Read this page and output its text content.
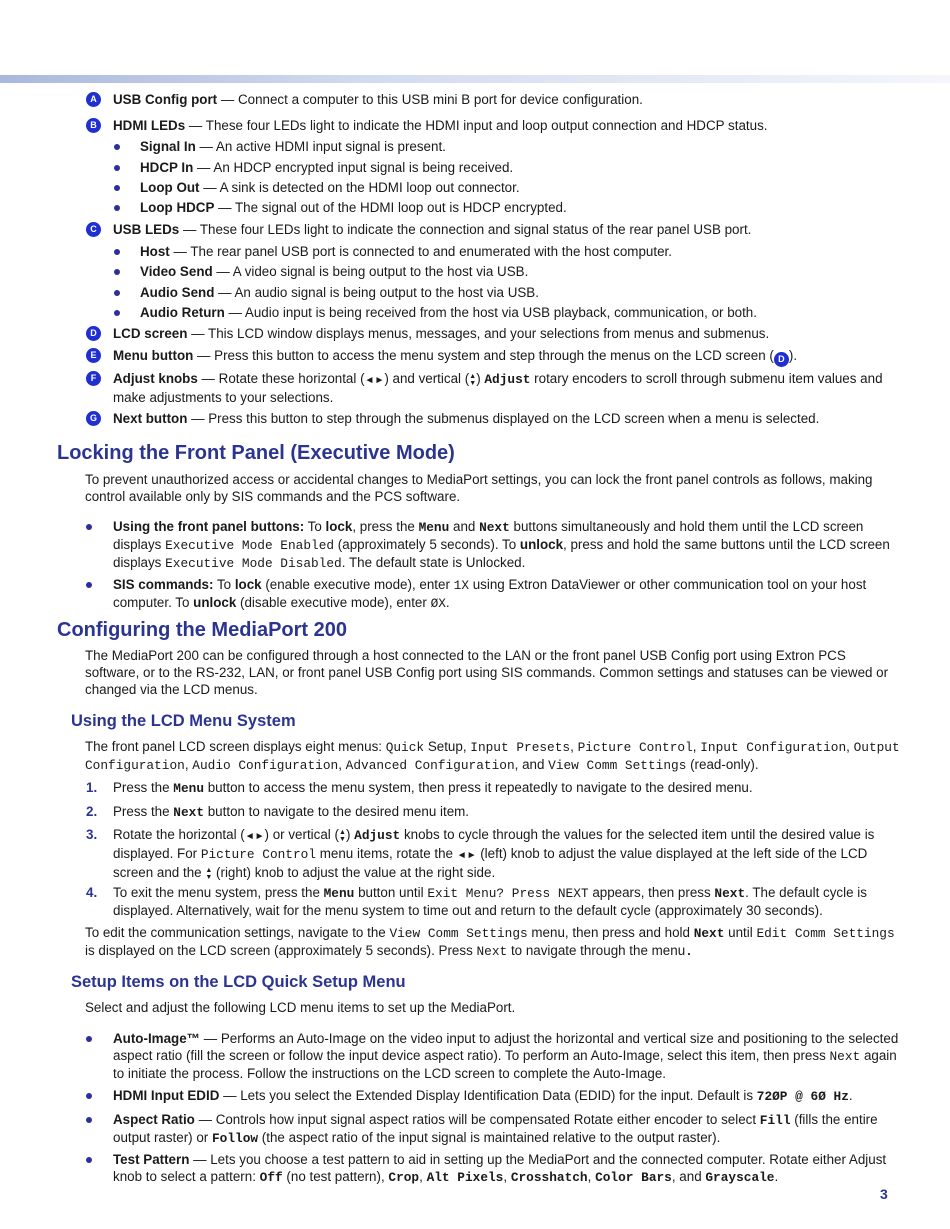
A	USB Config port — Connect a computer to this USB mini B port for device configuration.
B	HDMI LEDs — These four LEDs light to indicate the HDMI input and loop output connection and HDCP status.
Signal In — An active HDMI input signal is present.
HDCP In — An HDCP encrypted input signal is being received.
Loop Out — A sink is detected on the HDMI loop out connector.
Loop HDCP — The signal out of the HDMI loop out is HDCP encrypted.
C	USB LEDs — These four LEDs light to indicate the connection and signal status of the rear panel USB port.
Host — The rear panel USB port is connected to and enumerated with the host computer.
Video Send — A video signal is being output to the host via USB.
Audio Send — An audio signal is being output to the host via USB.
Audio Return — Audio input is being received from the host via USB playback, communication, or both.
D	LCD screen — This LCD window displays menus, messages, and your selections from menus and submenus.
E	Menu button — Press this button to access the menu system and step through the menus on the LCD screen ( D ).
F	Adjust knobs — Rotate these horizontal (◄►) and vertical (▲▼) Adjust rotary encoders to scroll through submenu item values and make adjustments to your selections.
G Next button — Press this button to step through the submenus displayed on the LCD screen when a menu is selected.
Locking the Front Panel (Executive Mode)
To prevent unauthorized access or accidental changes to MediaPort settings, you can lock the front panel controls as follows, making control available only by SIS commands and the PCS software.
Using the front panel buttons: To lock, press the Menu and Next buttons simultaneously and hold them until the LCD screen displays Executive Mode Enabled (approximately 5 seconds). To unlock, press and hold the same buttons until the LCD screen displays Executive Mode Disabled. The default state is Unlocked.
SIS commands: To lock (enable executive mode), enter 1X using Extron DataViewer or other communication tool on your host computer. To unlock (disable executive mode), enter ØX.
Configuring the MediaPort 200
The MediaPort 200 can be configured through a host connected to the LAN or the front panel USB Config port using Extron PCS software, or to the RS-232, LAN, or front panel USB Config port using SIS commands. Common settings and statuses can be viewed or changed via the LCD menus.
Using the LCD Menu System
The front panel LCD screen displays eight menus: Quick Setup, Input Presets, Picture Control, Input Configuration, Output Configuration, Audio Configuration, Advanced Configuration, and View Comm Settings (read-only).
1. Press the Menu button to access the menu system, then press it repeatedly to navigate to the desired menu.
2. Press the Next button to navigate to the desired menu item.
3. Rotate the horizontal (◄►) or vertical (▲▼) Adjust knobs to cycle through the values for the selected item until the desired value is displayed. For Picture Control menu items, rotate the ◄► (left) knob to adjust the value displayed at the left side of the LCD screen and the ▲▼ (right) knob to adjust the value at the right side.
4. To exit the menu system, press the Menu button until Exit Menu? Press NEXT appears, then press Next. The default cycle is displayed. Alternatively, wait for the menu system to time out and return to the default cycle (approximately 30 seconds).
To edit the communication settings, navigate to the View Comm Settings menu, then press and hold Next until Edit Comm Settings is displayed on the LCD screen (approximately 5 seconds). Press Next to navigate through the menu.
Setup Items on the LCD Quick Setup Menu
Select and adjust the following LCD menu items to set up the MediaPort.
Auto-Image™ — Performs an Auto-Image on the video input to adjust the horizontal and vertical size and positioning to the selected aspect ratio (fill the screen or follow the input device aspect ratio). To perform an Auto-Image, select this item, then press Next again to initiate the process. Follow the instructions on the LCD screen to complete the Auto-Image.
HDMI Input EDID — Lets you select the Extended Display Identification Data (EDID) for the input. Default is 72ØP @ 6Ø Hz.
Aspect Ratio — Controls how input signal aspect ratios will be compensated Rotate either encoder to select Fill (fills the entire output raster) or Follow (the aspect ratio of the input signal is maintained relative to the output raster).
Test Pattern — Lets you choose a test pattern to aid in setting up the MediaPort and the connected computer. Rotate either Adjust knob to select a pattern: Off (no test pattern), Crop, Alt Pixels, Crosshatch, Color Bars, and Grayscale.
3
